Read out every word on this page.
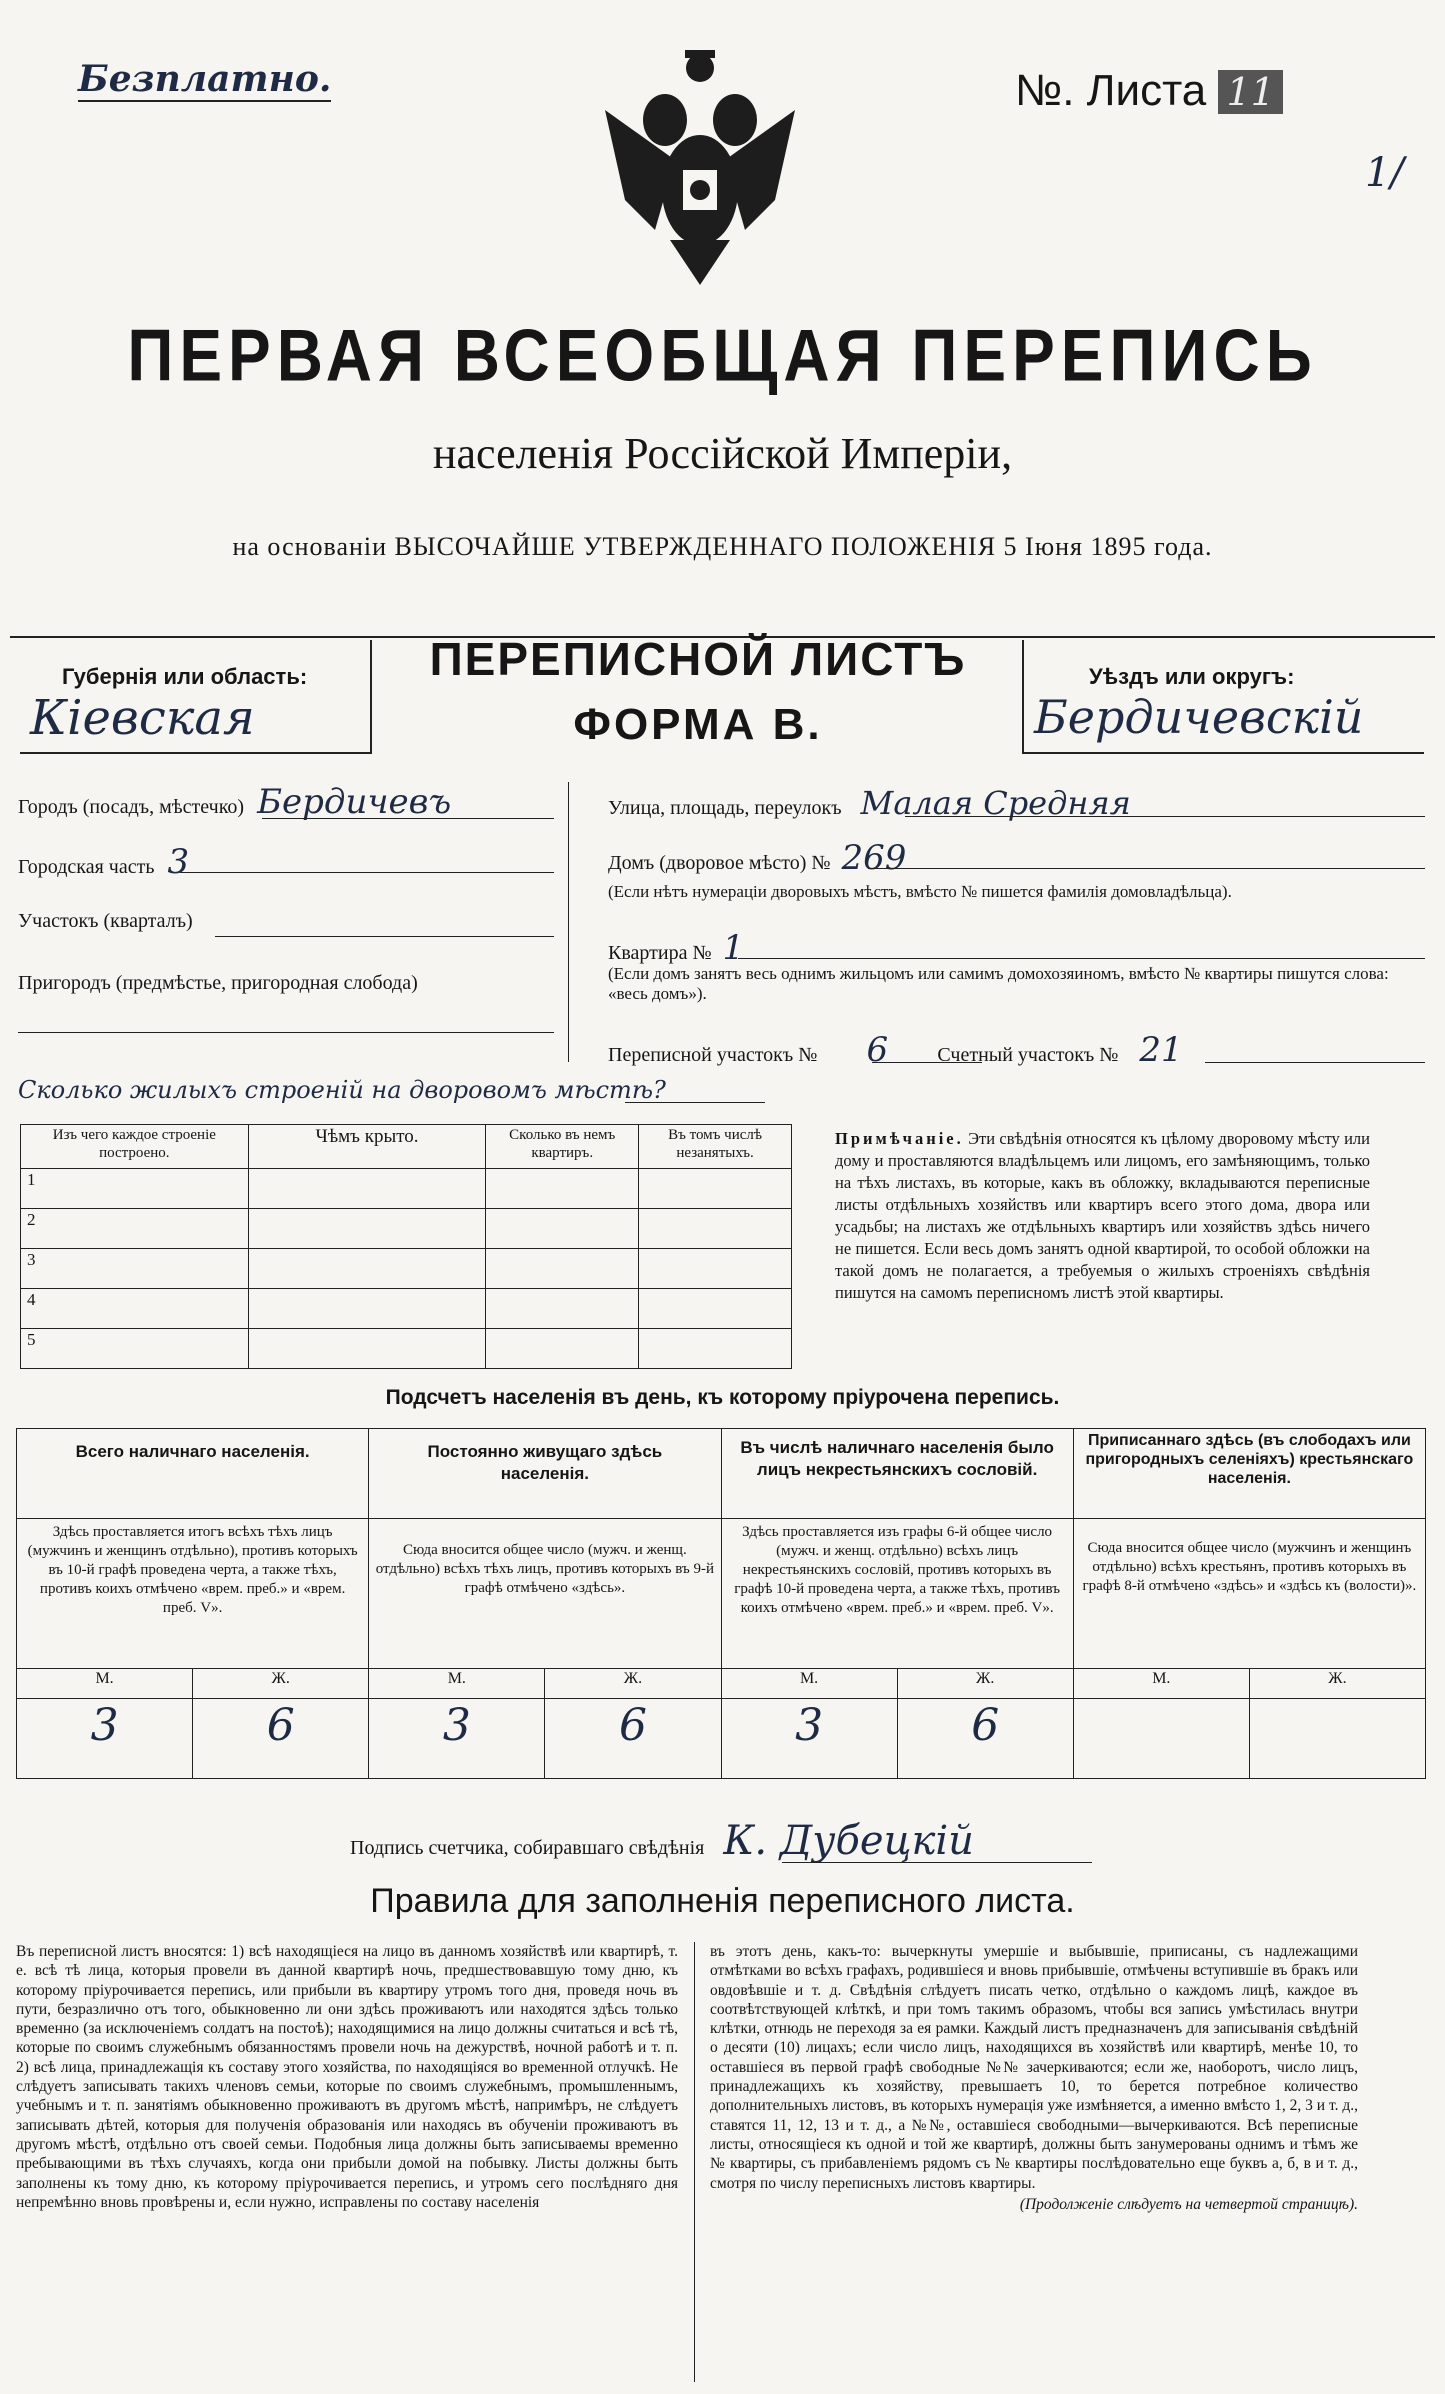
Безплатно.	№. Листа 11
1/
ПЕРВАЯ ВСЕОБЩАЯ ПЕРЕПИСЬ
населенія Россійской Имперіи,
на основаніи ВЫСОЧАЙШЕ УТВЕРЖДЕННАГО ПОЛОЖЕНІЯ 5 Іюня 1895 года.
Губернія или область:
Кіевская
ПЕРЕПИСНОЙ ЛИСТЪ
ФОРМА В.
Уѣздъ или округъ:
Бердичевскій
Городъ (посадъ, мѣстечко) Бердичевъ
Городская часть 3
Участокъ (кварталъ)
Пригородъ (предмѣстье, пригородная слобода)
Улица, площадь, переулокъ Малая Средняя
Домъ (дворовое мѣсто) № 269
(Если нѣтъ нумераціи дворовыхъ мѣстъ, вмѣсто № пишется фамилія домовладѣльца).
Квартира № 1
(Если домъ занятъ весь однимъ жильцомъ или самимъ домохозяиномъ, вмѣсто № квартиры пишутся слова: «весь домъ»).
Переписной участокъ № 6 Счетный участокъ № 21
Сколько жилыхъ строеній на дворовомъ мѣстѣ?
Изъ чего каждое строеніе построено.	Чѣмъ крыто.	Сколько въ немъ квартиръ.	Въ томъ числѣ незанятыхъ.

1			
2			
3			
4			
5			
Примѣчаніе. Эти свѣдѣнія относятся къ цѣлому дворовому мѣсту или дому и проставляются владѣльцемъ или лицомъ, его замѣняющимъ, только на тѣхъ листахъ, въ которые, какъ въ обложку, вкладываются переписные листы отдѣльныхъ хозяйствъ или квартиръ всего этого дома, двора или усадьбы; на листахъ же отдѣльныхъ квартиръ или хозяйствъ здѣсь ничего не пишется. Если весь домъ занятъ одной квартирой, то особой обложки на такой домъ не полагается, а требуемыя о жилыхъ строеніяхъ свѣдѣнія пишутся на самомъ переписномъ листѣ этой квартиры.
Подсчетъ населенія въ день, къ которому пріурочена перепись.
Всего наличнаго населенія.		Постоянно живущаго здѣсь населенія.		Въ числѣ наличнаго населенія было лицъ некрестьянскихъ сословій.		Приписаннаго здѣсь (въ слободахъ или пригородныхъ селеніяхъ) крестьянскаго населенія.	
Здѣсь проставляется итогъ всѣхъ тѣхъ лицъ (мужчинъ и женщинъ отдѣльно), противъ которыхъ въ 10-й графѣ проведена черта, а также тѣхъ, противъ коихъ отмѣчено «врем. преб.» и «врем. преб. V».		Сюда вносится общее число (мужч. и женщ. отдѣльно) всѣхъ тѣхъ лицъ, противъ которыхъ въ 9-й графѣ отмѣчено «здѣсь».		Здѣсь проставляется изъ графы 6-й общее число (мужч. и женщ. отдѣльно) всѣхъ лицъ некрестьянскихъ сословій, противъ которыхъ въ графѣ 10-й проведена черта, а также тѣхъ, противъ коихъ отмѣчено «врем. преб.» и «врем. преб. V».		Сюда вносится общее число (мужчинъ и женщинъ отдѣльно) всѣхъ крестьянъ, противъ которыхъ въ графѣ 8-й отмѣчено «здѣсь» и «здѣсь къ (волости)».	
М.	Ж.	М.	Ж.	М.	Ж.	М.	Ж.
3	6	3	6	3	6		
Подпись счетчика, собиравшаго свѣдѣнія К. Дубецкій
Правила для заполненія переписного листа.
Въ переписной листъ вносятся: 1) всѣ находящіеся на лицо въ данномъ хозяйствѣ или квартирѣ, т. е. всѣ тѣ лица, которыя провели въ данной квартирѣ ночь, предшествовавшую тому дню, къ которому пріурочивается перепись, или прибыли въ квартиру утромъ того дня, проведя ночь въ пути, безразлично отъ того, обыкновенно ли они здѣсь проживаютъ или находятся здѣсь только временно (за исключеніемъ солдатъ на постоѣ); находящимися на лицо должны считаться и всѣ тѣ, которые по своимъ служебнымъ обязанностямъ провели ночь на дежурствѣ, ночной работѣ и т. п. 2) всѣ лица, принадлежащія къ составу этого хозяйства, по находящіяся во временной отлучкѣ. Не слѣдуетъ записывать такихъ членовъ семьи, которые по своимъ служебнымъ, промышленнымъ, учебнымъ и т. п. занятіямъ обыкновенно проживаютъ въ другомъ мѣстѣ, напримѣръ, не слѣдуетъ записывать дѣтей, которыя для полученія образованія или находясь въ обученіи проживаютъ въ другомъ мѣстѣ, отдѣльно отъ своей семьи. Подобныя лица должны быть записываемы временно пребывающими въ тѣхъ случаяхъ, когда они прибыли домой на побывку. Листы должны быть заполнены къ тому дню, къ которому пріурочивается перепись, и утромъ сего послѣдняго дня непремѣнно вновь провѣрены и, если нужно, исправлены по составу населенія
въ этотъ день, какъ-то: вычеркнуты умершіе и выбывшіе, приписаны, съ надлежащими отмѣтками во всѣхъ графахъ, родившіеся и вновь прибывшіе, отмѣчены вступившіе въ бракъ или овдовѣвшіе и т. д. Свѣдѣнія слѣдуетъ писать четко, отдѣльно о каждомъ лицѣ, каждое въ соотвѣтствующей клѣткѣ, и при томъ такимъ образомъ, чтобы вся запись умѣстилась внутри клѣтки, отнюдь не переходя за ея рамки. Каждый листъ предназначенъ для записыванія свѣдѣній о десяти (10) лицахъ; если число лицъ, находящихся въ хозяйствѣ или квартирѣ, менѣе 10, то оставшіеся въ первой графѣ свободные №№ зачеркиваются; если же, наоборотъ, число лицъ, принадлежащихъ къ хозяйству, превышаетъ 10, то берется потребное количество дополнительныхъ листовъ, въ которыхъ нумерація уже измѣняется, а именно вмѣсто 1, 2, 3 и т. д., ставятся 11, 12, 13 и т. д., а №№, оставшіеся свободными—вычеркиваются. Всѣ переписные листы, относящіеся къ одной и той же квартирѣ, должны быть занумерованы однимъ и тѣмъ же № квартиры, съ прибавленіемъ рядомъ съ № квартиры послѣдовательно еще буквъ а, б, в и т. д., смотря по числу переписныхъ листовъ квартиры.
(Продолженіе слѣдуетъ на четвертой страницѣ).
